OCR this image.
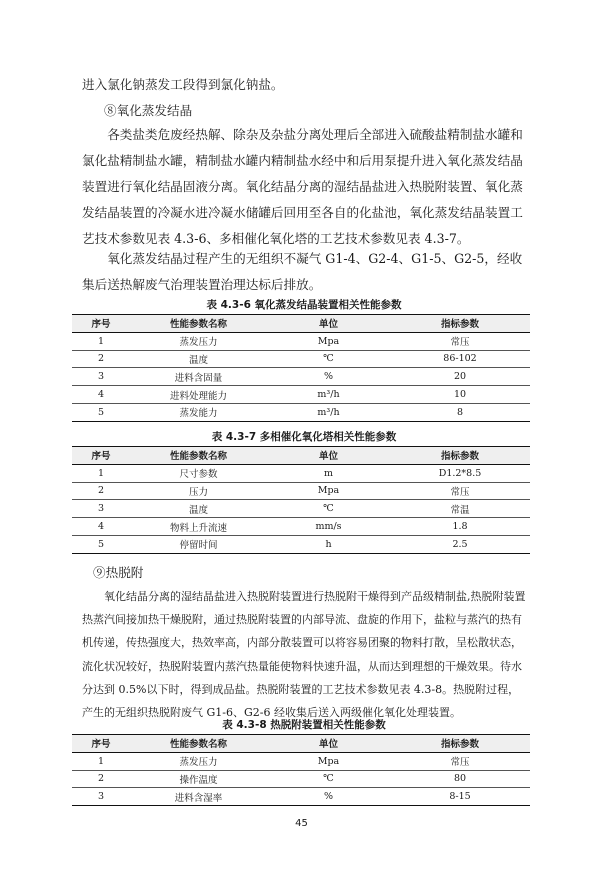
进入氯化钠蒸发工段得到氯化钠盐。

⑧氧化蒸发结晶

各类盐类危废经热解、除杂及杂盐分离处理后全部进入硫酸盐精制盐水罐和氯化盐精制盐水罐，精制盐水罐内精制盐水经中和后用泵提升进入氧化蒸发结晶装置进行氧化结晶固液分离。氧化结晶分离的湿结晶盐进入热脱附装置、氧化蒸发结晶装置的冷凝水进冷凝水储罐后回用至各自的化盐池，氧化蒸发结晶装置工艺技术参数见表 4.3-6、多相催化氧化塔的工艺技术参数见表 4.3-7。

氧化蒸发结晶过程产生的无组织不凝气 G1-4、G2-4、G1-5、G2-5，经收集后送热解废气治理装置治理达标后排放。

表 4.3-6 氧化蒸发结晶装置相关性能参数
序号	性能参数名称	单位	指标参数
1	蒸发压力	Mpa	常压
2	温度	℃	86-102
3	进料含固量	%	20
4	进料处理能力	m³/h	10
5	蒸发能力	m³/h	8
表 4.3-7 多相催化氧化塔相关性能参数
序号	性能参数名称	单位	指标参数
1	尺寸参数	m	D1.2*8.5
2	压力	Mpa	常压
3	温度	℃	常温
4	物料上升流速	mm/s	1.8
5	停留时间	h	2.5

⑨热脱附

氧化结晶分离的湿结晶盐进入热脱附装置进行热脱附干燥得到产品级精制盐,热脱附装置热蒸汽间接加热干燥脱附，通过热脱附装置的内部导流、盘旋的作用下，盐粒与蒸汽的热有机传递，传热强度大，热效率高，内部分散装置可以将容易团聚的物料打散，呈松散状态，流化状况较好，热脱附装置内蒸汽热量能使物料快速升温，从而达到理想的干燥效果。待水分达到 0.5%以下时，得到成品盐。热脱附装置的工艺技术参数见表 4.3-8。热脱附过程，产生的无组织热脱附废气 G1-6、G2-6 经收集后送入两级催化氧化处理装置。

表 4.3-8 热脱附装置相关性能参数
序号	性能参数名称	单位	指标参数
1	蒸发压力	Mpa	常压
2	操作温度	℃	80
3	进料含湿率	%	8-15
45
